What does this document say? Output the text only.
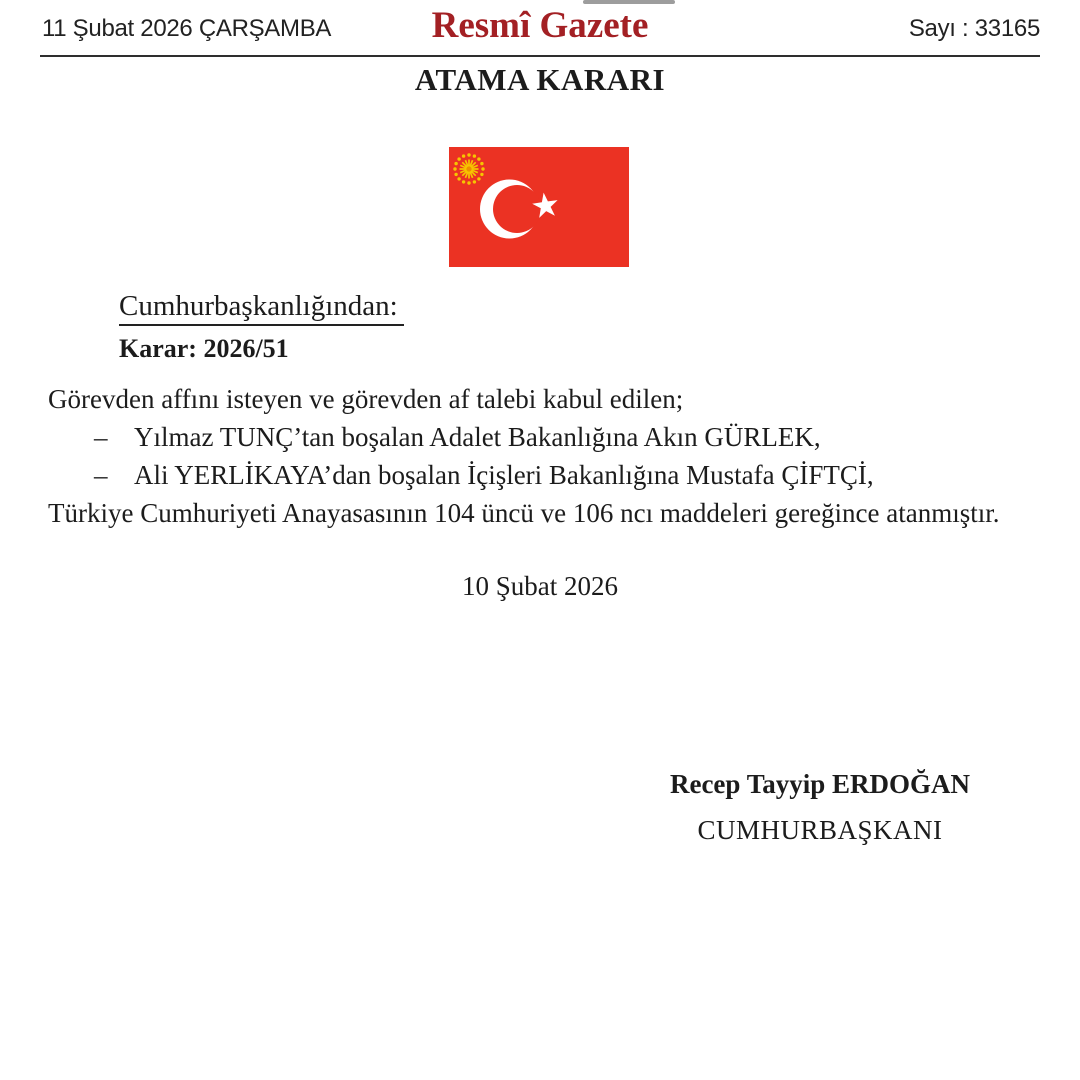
11 Şubat 2026 ÇARŞAMBA	Resmî Gazete	Sayı : 33165
ATAMA KARARI
Cumhurbaşkanlığından:
Karar: 2026/51
Görevden affını isteyen ve görevden af talebi kabul edilen;
– Yılmaz TUNÇ’tan boşalan Adalet Bakanlığına Akın GÜRLEK,
– Ali YERLİKAYA’dan boşalan İçişleri Bakanlığına Mustafa ÇİFTÇİ,
Türkiye Cumhuriyeti Anayasasının 104 üncü ve 106 ncı maddeleri gereğince atanmıştır.
10 Şubat 2026
Recep Tayyip ERDOĞAN
CUMHURBAŞKANI
